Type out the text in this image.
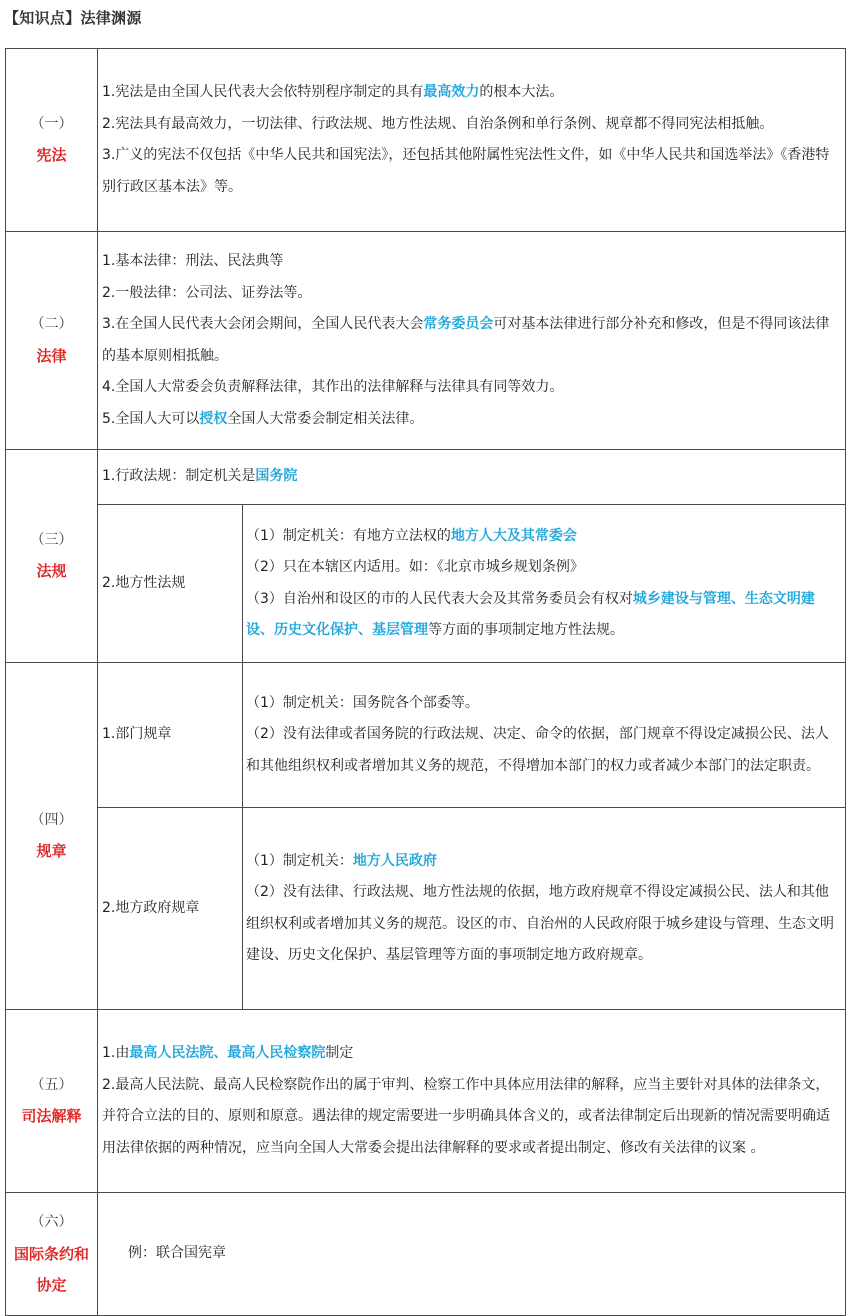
【知识点】法律渊源
（一）
宪法	1.宪法是由全国人民代表大会依特别程序制定的具有最高效力的根本大法。
2.宪法具有最高效力，一切法律、行政法规、地方性法规、自治条例和单行条例、规章都不得同宪法相抵触。
3.广义的宪法不仅包括《中华人民共和国宪法》，还包括其他附属性宪法性文件，如《中华人民共和国选举法》《香港特别行政区基本法》等。	

（二）
法律	1.基本法律：刑法、民法典等
2.一般法律：公司法、证券法等。
3.在全国人民代表大会闭会期间，全国人民代表大会常务委员会可对基本法律进行部分补充和修改，但是不得同该法律的基本原则相抵触。
4.全国人大常委会负责解释法律，其作出的法律解释与法律具有同等效力。
5.全国人大可以授权全国人大常委会制定相关法律。	

（三）
法规	1.行政法规：制定机关是国务院	

	2.地方性法规	（1）制定机关：有地方立法权的地方人大及其常委会
（2）只在本辖区内适用。如：《北京市城乡规划条例》
（3）自治州和设区的市的人民代表大会及其常务委员会有权对城乡建设与管理、生态文明建设、历史文化保护、基层管理等方面的事项制定地方性法规。

（四）
规章	1.部门规章	（1）制定机关：国务院各个部委等。
（2）没有法律或者国务院的行政法规、决定、命令的依据，部门规章不得设定减损公民、法人和其他组织权利或者增加其义务的规范，不得增加本部门的权力或者减少本部门的法定职责。

	2.地方政府规章	（1）制定机关：地方人民政府
（2）没有法律、行政法规、地方性法规的依据，地方政府规章不得设定减损公民、法人和其他组织权利或者增加其义务的规范。设区的市、自治州的人民政府限于城乡建设与管理、生态文明建设、历史文化保护、基层管理等方面的事项制定地方政府规章。

（五）
司法解释	1.由最高人民法院、最高人民检察院制定
2.最高人民法院、最高人民检察院作出的属于审判、检察工作中具体应用法律的解释，应当主要针对具体的法律条文，并符合立法的目的、原则和原意。遇法律的规定需要进一步明确具体含义的，或者法律制定后出现新的情况需要明确适用法律依据的两种情况，应当向全国人大常委会提出法律解释的要求或者提出制定、修改有关法律的议案 。	

（六）
国际条约和
协定	例：联合国宪章	
